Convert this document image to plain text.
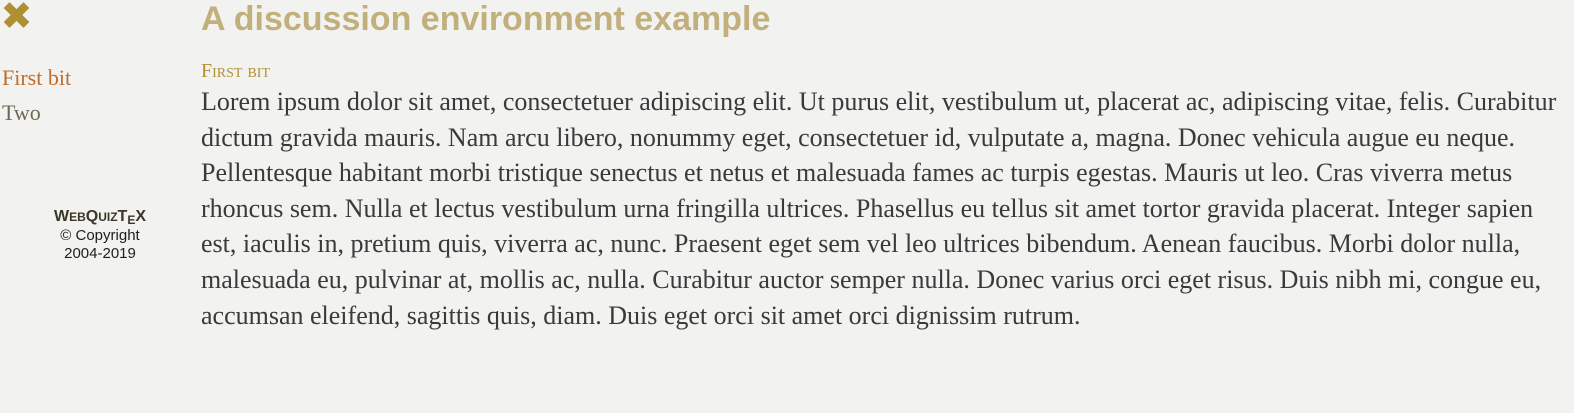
First bit
Two
WEBQUIZTEX
© Copyright
2004-2019
A discussion environment example
First bit

Lorem ipsum dolor sit amet, consectetuer adipiscing elit. Ut purus elit, vestibulum ut, placerat ac, adipiscing vitae, felis. Curabitur dictum gravida mauris. Nam arcu libero, nonummy eget, consectetuer id, vulputate a, magna. Donec vehicula augue eu neque. Pellentesque habitant morbi tristique senectus et netus et malesuada fames ac turpis egestas. Mauris ut leo. Cras viverra metus rhoncus sem. Nulla et lectus vestibulum urna fringilla ultrices. Phasellus eu tellus sit amet tortor gravida placerat. Integer sapien est, iaculis in, pretium quis, viverra ac, nunc. Praesent eget sem vel leo ultrices bibendum. Aenean faucibus. Morbi dolor nulla, malesuada eu, pulvinar at, mollis ac, nulla. Curabitur auctor semper nulla. Donec varius orci eget risus. Duis nibh mi, congue eu, accumsan eleifend, sagittis quis, diam. Duis eget orci sit amet orci dignissim rutrum.
